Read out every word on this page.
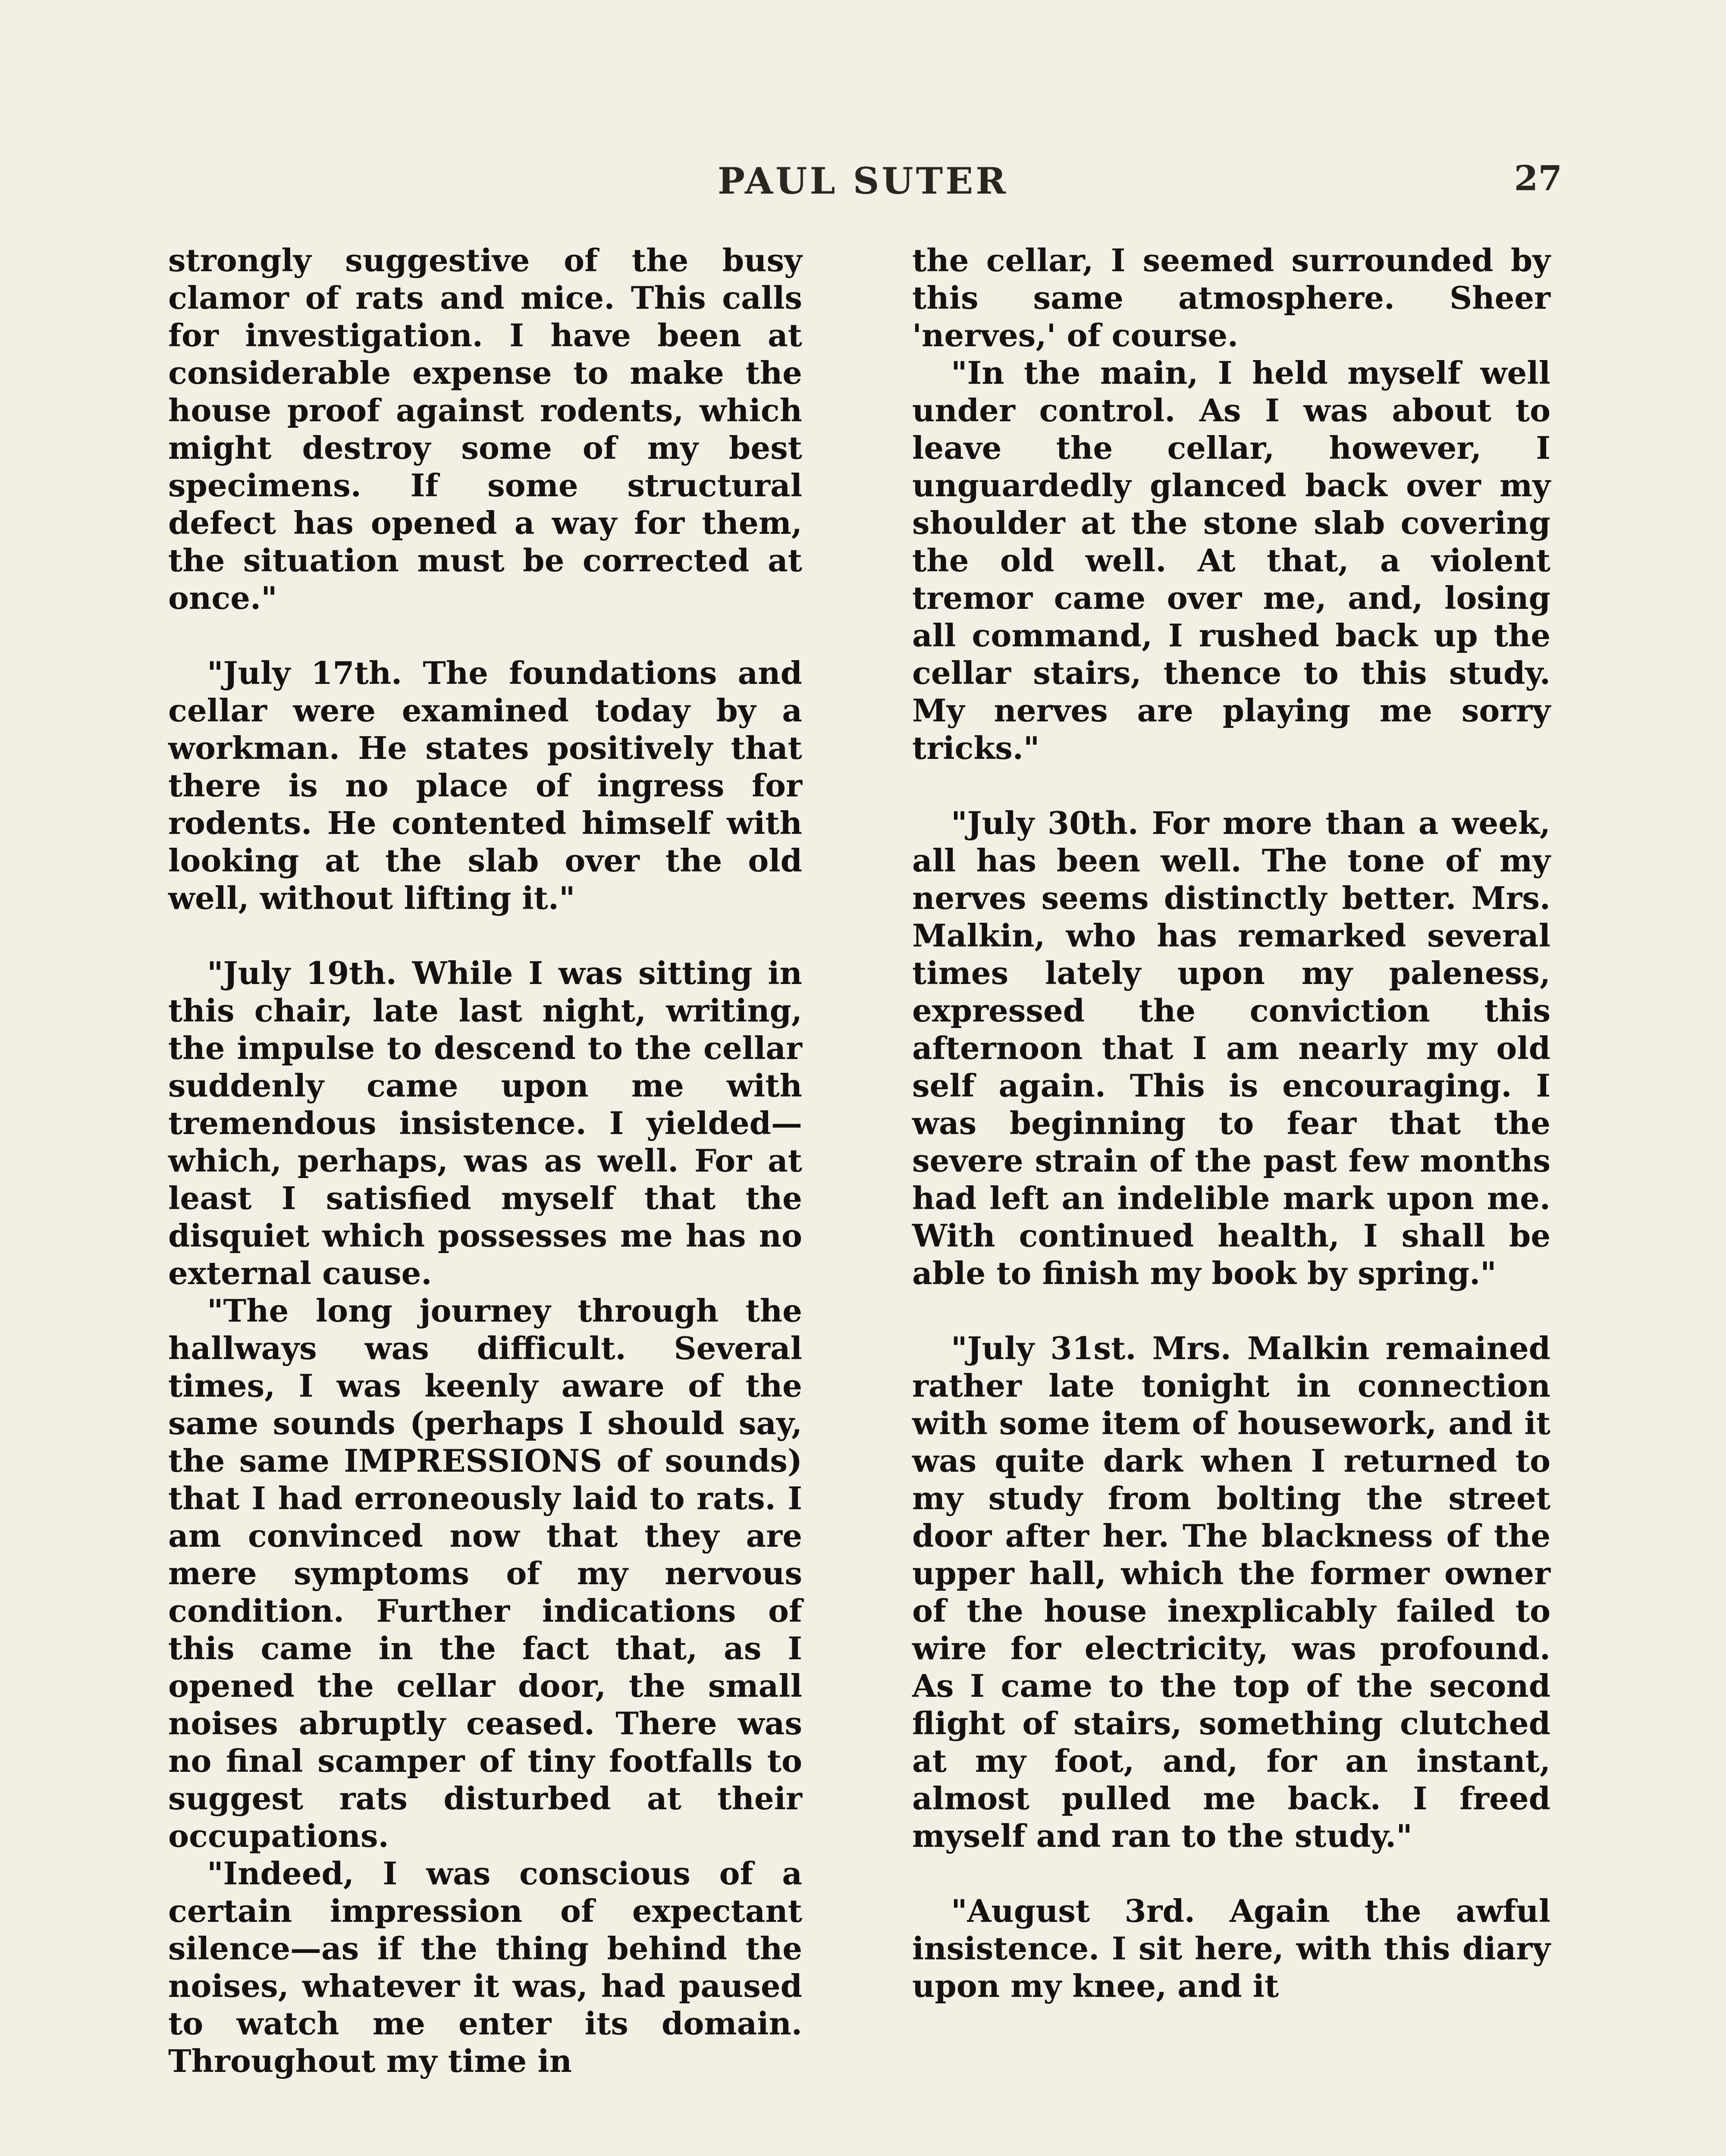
PAUL SUTER	27

strongly suggestive of the busy clamor of rats and mice. This calls for investigation. I have been at considerable expense to make the house proof against rodents, which might destroy some of my best specimens. If some structural defect has opened a way for them, the situation must be corrected at once."

"July 17th. The foundations and cellar were examined today by a workman. He states positively that there is no place of ingress for rodents. He contented himself with looking at the slab over the old well, without lifting it."

"July 19th. While I was sitting in this chair, late last night, writing, the impulse to descend to the cellar suddenly came upon me with tremendous insistence. I yielded—which, perhaps, was as well. For at least I satisfied myself that the disquiet which possesses me has no external cause.

"The long journey through the hallways was difficult. Several times, I was keenly aware of the same sounds (perhaps I should say, the same IMPRESSIONS of sounds) that I had erroneously laid to rats. I am convinced now that they are mere symptoms of my nervous condition. Further indications of this came in the fact that, as I opened the cellar door, the small noises abruptly ceased. There was no final scamper of tiny footfalls to suggest rats disturbed at their occupations.

"Indeed, I was conscious of a certain impression of expectant silence—as if the thing behind the noises, whatever it was, had paused to watch me enter its domain. Throughout my time in

the cellar, I seemed surrounded by this same atmosphere. Sheer 'nerves,' of course.

"In the main, I held myself well under control. As I was about to leave the cellar, however, I unguardedly glanced back over my shoulder at the stone slab covering the old well. At that, a violent tremor came over me, and, losing all command, I rushed back up the cellar stairs, thence to this study. My nerves are playing me sorry tricks."

"July 30th. For more than a week, all has been well. The tone of my nerves seems distinctly better. Mrs. Malkin, who has remarked several times lately upon my paleness, expressed the conviction this afternoon that I am nearly my old self again. This is encouraging. I was beginning to fear that the severe strain of the past few months had left an indelible mark upon me. With continued health, I shall be able to finish my book by spring."

"July 31st. Mrs. Malkin remained rather late tonight in connection with some item of housework, and it was quite dark when I returned to my study from bolting the street door after her. The blackness of the upper hall, which the former owner of the house inexplicably failed to wire for electricity, was profound. As I came to the top of the second flight of stairs, something clutched at my foot, and, for an instant, almost pulled me back. I freed myself and ran to the study."

"August 3rd. Again the awful insistence. I sit here, with this diary upon my knee, and it
